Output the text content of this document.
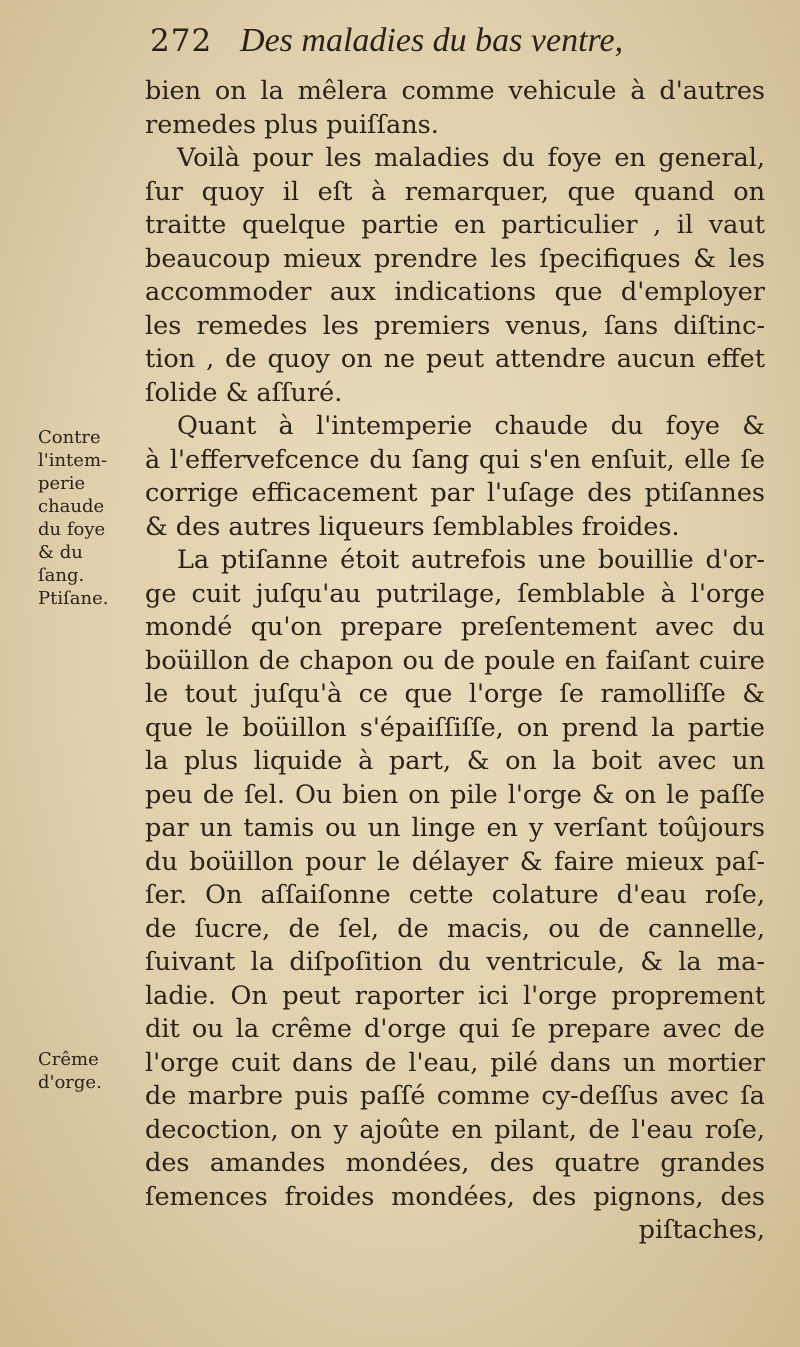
272 Des maladies du bas ventre,
bien on la mêlera comme vehicule à d'autres
remedes plus puiſſans.
Voilà pour les maladies du foye en general,
ſur quoy il eſt à remarquer, que quand on
traitte quelque partie en particulier , il vaut
beaucoup mieux prendre les ſpecifiques & les
accommoder aux indications que d'employer
les remedes les premiers venus, ſans diſtinc-
tion , de quoy on ne peut attendre aucun effet
ſolide & aſſuré.
Quant à l'intemperie chaude du foye &
à l'effervefcence du ſang qui s'en enſuit, elle ſe
corrige efficacement par l'uſage des ptiſannes
& des autres liqueurs ſemblables froides.
La ptiſanne étoit autrefois une bouillie d'or-
ge cuit juſqu'au putrilage, ſemblable à l'orge
mondé qu'on prepare preſentement avec du
boüillon de chapon ou de poule en faiſant cuire
le tout juſqu'à ce que l'orge ſe ramolliſſe &
que le boüillon s'épaiſſiſſe, on prend la partie
la plus liquide à part, & on la boit avec un
peu de ſel. Ou bien on pile l'orge & on le paſſe
par un tamis ou un linge en y verſant toûjours
du boüillon pour le délayer & faire mieux paſ-
ſer. On aſſaiſonne cette colature d'eau roſe,
de ſucre, de ſel, de macis, ou de cannelle,
ſuivant la diſpoſition du ventricule, & la ma-
ladie. On peut raporter ici l'orge proprement
dit ou la crême d'orge qui ſe prepare avec de
l'orge cuit dans de l'eau, pilé dans un mortier
de marbre puis paſſé comme cy-deſſus avec ſa
decoction, on y ajoûte en pilant, de l'eau roſe,
des amandes mondées, des quatre grandes
ſemences froides mondées, des pignons, des
piſtaches,
Contre
l'intem-
perie
chaude
du foye
& du
ſang.
Ptiſane.
Crême
d'orge.
